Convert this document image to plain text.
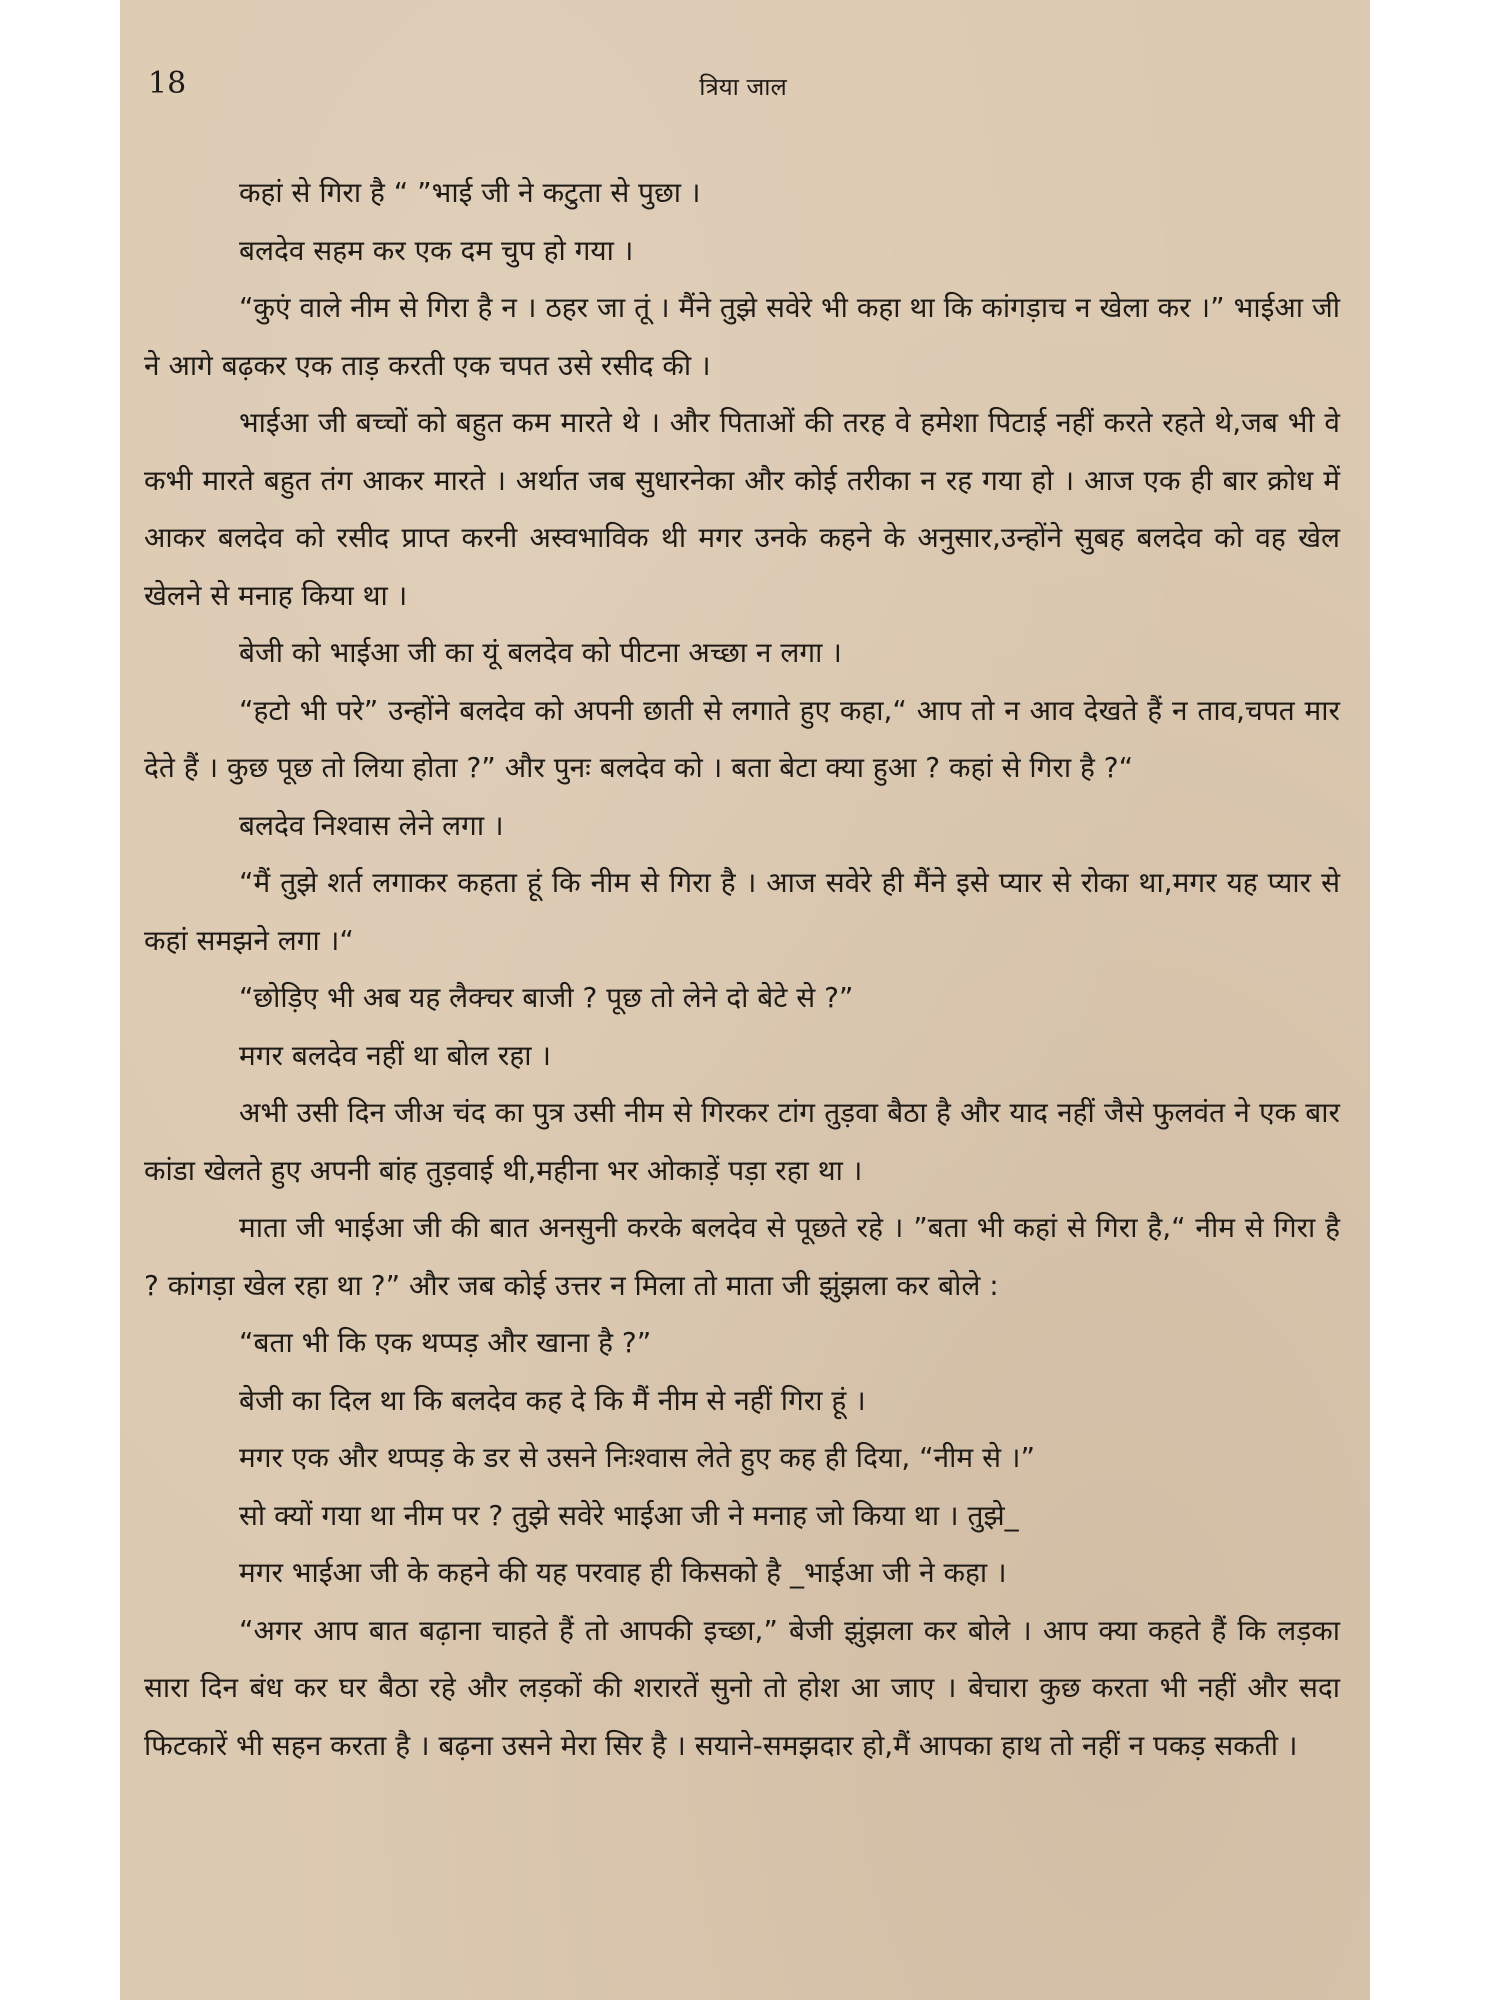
18	त्रिया जाल

कहां से गिरा है “ ”भाई जी ने कटुता से पुछा ।

बलदेव सहम कर एक दम चुप हो गया ।

“कुएं वाले नीम से गिरा है न । ठहर जा तूं । मैंने तुझे सवेरे भी कहा था कि कांगड़ाच न खेला कर ।” भाईआ जी ने आगे बढ़कर एक ताड़ करती एक चपत उसे रसीद की ।

भाईआ जी बच्चों को बहुत कम मारते थे । और पिताओं की तरह वे हमेशा पिटाई नहीं करते रहते थे,जब भी वे कभी मारते बहुत तंग आकर मारते । अर्थात जब सुधारनेका और कोई तरीका न रह गया हो । आज एक ही बार क्रोध में आकर बलदेव को रसीद प्राप्त करनी अस्वभाविक थी मगर उनके कहने के अनुसार,उन्होंने सुबह बलदेव को वह खेल खेलने से मनाह किया था ।

बेजी को भाईआ जी का यूं बलदेव को पीटना अच्छा न लगा ।

“हटो भी परे” उन्होंने बलदेव को अपनी छाती से लगाते हुए कहा,“ आप तो न आव देखते हैं न ताव,चपत मार देते हैं । कुछ पूछ तो लिया होता ?” और पुनः बलदेव को । बता बेटा क्या हुआ ? कहां से गिरा है ?“

बलदेव निश्वास लेने लगा ।

“मैं तुझे शर्त लगाकर कहता हूं कि नीम से गिरा है । आज सवेरे ही मैंने इसे प्यार से रोका था,मगर यह प्यार से कहां समझने लगा ।“

“छोड़िए भी अब यह लैक्चर बाजी ? पूछ तो लेने दो बेटे से ?”

मगर बलदेव नहीं था बोल रहा ।

अभी उसी दिन जीअ चंद का पुत्र उसी नीम से गिरकर टांग तुड़वा बैठा है और याद नहीं जैसे फुलवंत ने एक बार कांडा खेलते हुए अपनी बांह तुड़वाई थी,महीना भर ओकाड़ें पड़ा रहा था ।

माता जी भाईआ जी की बात अनसुनी करके बलदेव से पूछते रहे । ”बता भी कहां से गिरा है,“ नीम से गिरा है ? कांगड़ा खेल रहा था ?” और जब कोई उत्तर न मिला तो माता जी झुंझला कर बोले :

“बता भी कि एक थप्पड़ और खाना है ?”

बेजी का दिल था कि बलदेव कह दे कि मैं नीम से नहीं गिरा हूं ।

मगर एक और थप्पड़ के डर से उसने निःश्वास लेते हुए कह ही दिया, “नीम से ।”

सो क्यों गया था नीम पर ? तुझे सवेरे भाईआ जी ने मनाह जो किया था । तुझे_

मगर भाईआ जी के कहने की यह परवाह ही किसको है _भाईआ जी ने कहा ।

“अगर आप बात बढ़ाना चाहते हैं तो आपकी इच्छा,” बेजी झुंझला कर बोले । आप क्या कहते हैं कि लड़का सारा दिन बंध कर घर बैठा रहे और लड़कों की शरारतें सुनो तो होश आ जाए । बेचारा कुछ करता भी नहीं और सदा फिटकारें भी सहन करता है । बढ़ना उसने मेरा सिर है । सयाने-समझदार हो,मैं आपका हाथ तो नहीं न पकड़ सकती ।
